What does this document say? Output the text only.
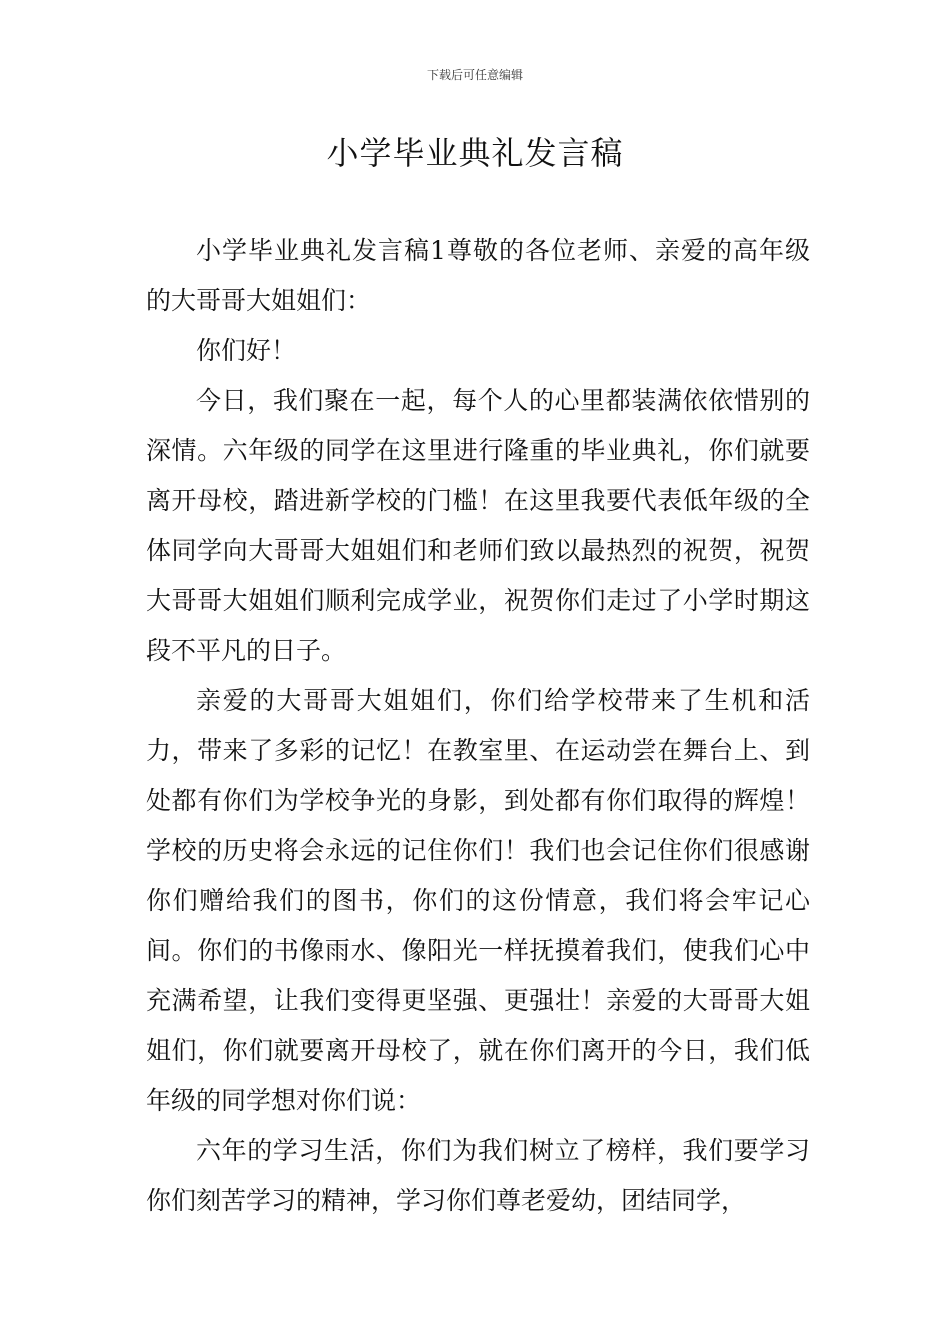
下载后可任意编辑
小学毕业典礼发言稿

小学毕业典礼发言稿1尊敬的各位老师、亲爱的高年级的大哥哥大姐姐们：

你们好！

今日，我们聚在一起，每个人的心里都装满依依惜别的深情。六年级的同学在这里进行隆重的毕业典礼，你们就要离开母校，踏进新学校的门槛！在这里我要代表低年级的全体同学向大哥哥大姐姐们和老师们致以最热烈的祝贺，祝贺大哥哥大姐姐们顺利完成学业，祝贺你们走过了小学时期这段不平凡的日子。

亲爱的大哥哥大姐姐们，你们给学校带来了生机和活力，带来了多彩的记忆！在教室里、在运动尝在舞台上、到处都有你们为学校争光的身影，到处都有你们取得的辉煌！学校的历史将会永远的记住你们！我们也会记住你们很感谢你们赠给我们的图书，你们的这份情意，我们将会牢记心间。你们的书像雨水、像阳光一样抚摸着我们，使我们心中充满希望，让我们变得更坚强、更强壮！亲爱的大哥哥大姐姐们，你们就要离开母校了，就在你们离开的今日，我们低年级的同学想对你们说：

六年的学习生活，你们为我们树立了榜样，我们要学习你们刻苦学习的精神，学习你们尊老爱幼，团结同学，
